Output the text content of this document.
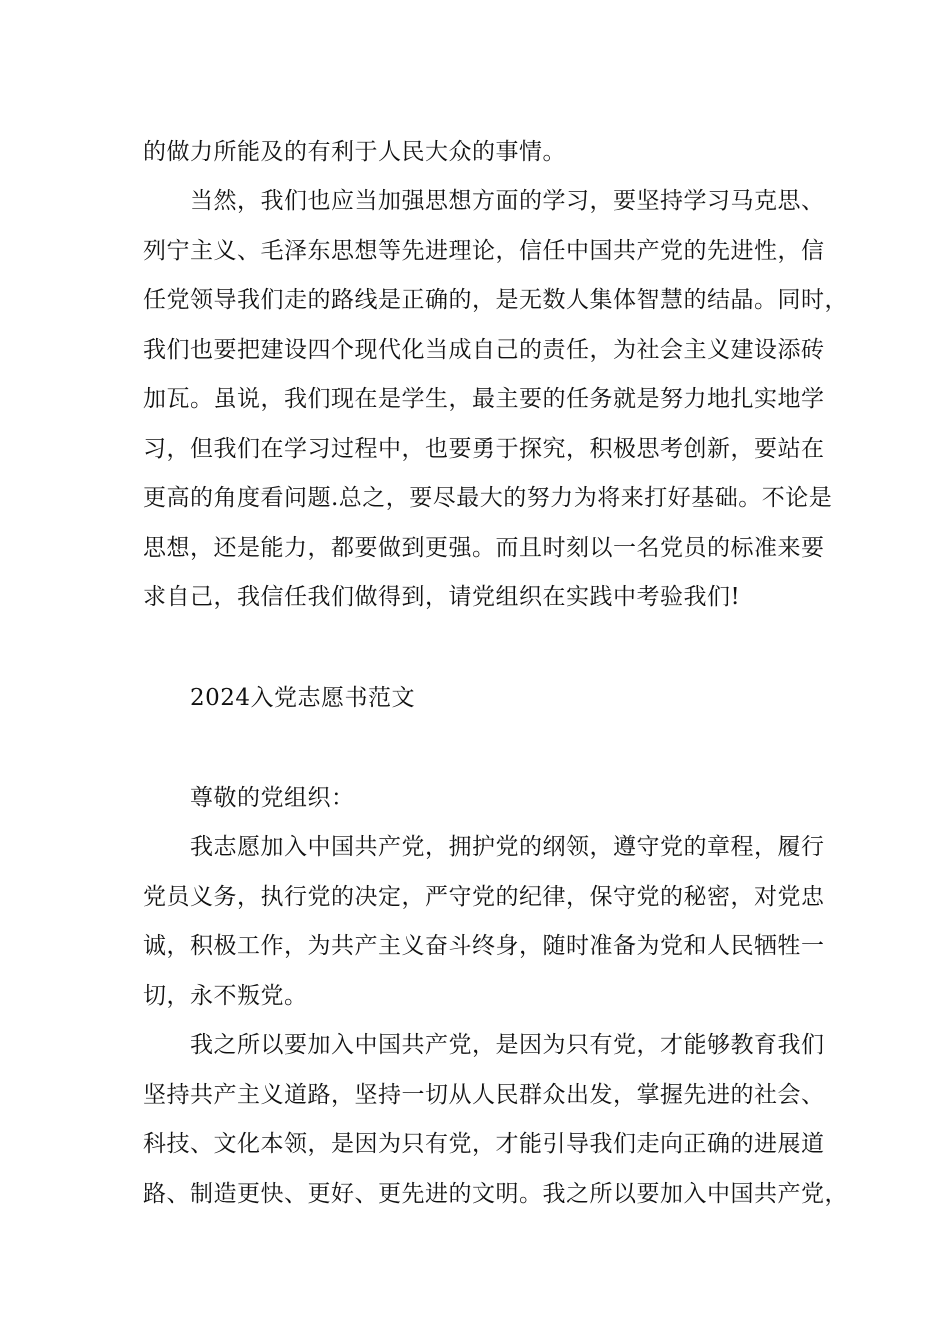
的做力所能及的有利于人民大众的事情。
当然，我们也应当加强思想方面的学习，要坚持学习马克思、
列宁主义、毛泽东思想等先进理论，信任中国共产党的先进性，信
任党领导我们走的路线是正确的，是无数人集体智慧的结晶。同时，
我们也要把建设四个现代化当成自己的责任，为社会主义建设添砖
加瓦。虽说，我们现在是学生，最主要的任务就是努力地扎实地学
习，但我们在学习过程中，也要勇于探究，积极思考创新，要站在
更高的角度看问题.总之，要尽最大的努力为将来打好基础。不论是
思想，还是能力，都要做到更强。而且时刻以一名党员的标准来要
求自己，我信任我们做得到，请党组织在实践中考验我们!
2024入党志愿书范文
尊敬的党组织：
我志愿加入中国共产党，拥护党的纲领，遵守党的章程，履行
党员义务，执行党的决定，严守党的纪律，保守党的秘密，对党忠
诚，积极工作，为共产主义奋斗终身，随时准备为党和人民牺牲一
切，永不叛党。
我之所以要加入中国共产党，是因为只有党，才能够教育我们
坚持共产主义道路，坚持一切从人民群众出发，掌握先进的社会、
科技、文化本领，是因为只有党，才能引导我们走向正确的进展道
路、制造更快、更好、更先进的文明。我之所以要加入中国共产党，
